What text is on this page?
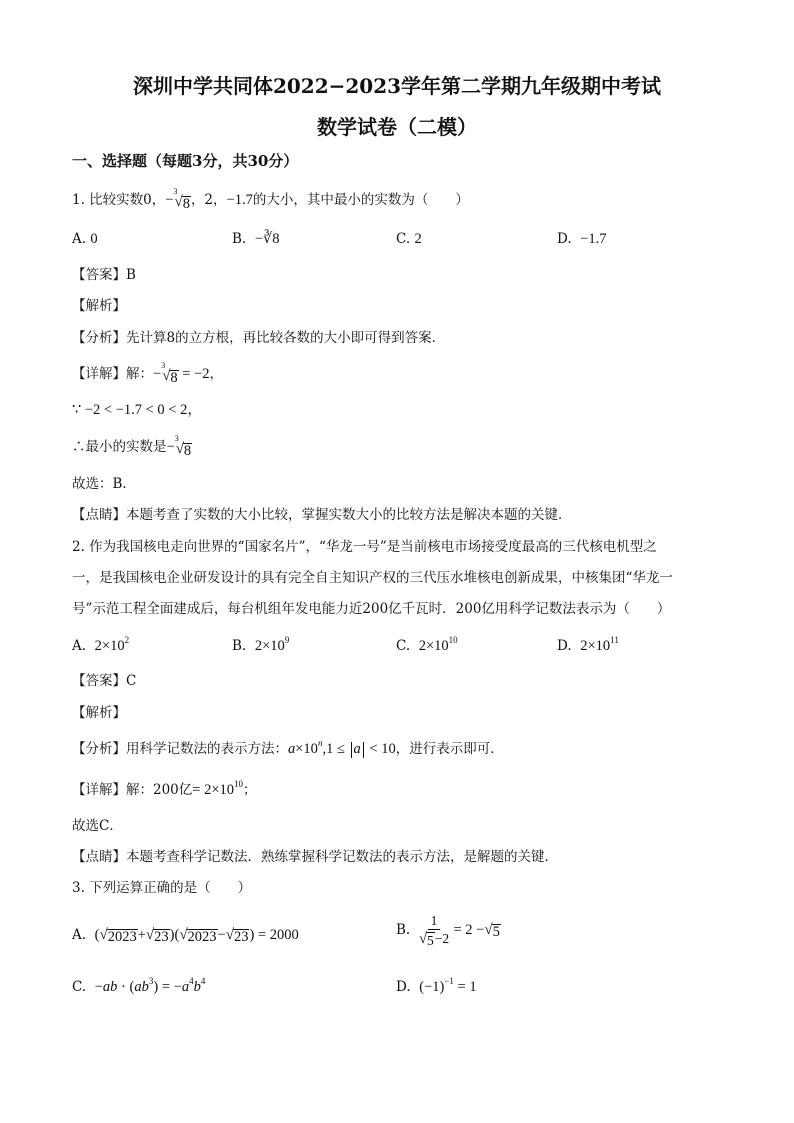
深圳中学共同体2022−2023学年第二学期九年级期中考试
数学试卷（二模）
一、选择题（每题3分，共30分）
1. 比较实数0，−
3
√ 8 ，2，−1.7的大小，其中最小的实数为（　　）
A. 0	B. −∛8	C. 2	D. −1.7
【答案】B
【解析】
【分析】先计算8的立方根，再比较各数的大小即可得到答案．
【详解】解：−
3
√ 8 = −2，
∵ −2 < −1.7 < 0 < 2，
∴最小的实数是−
3
√ 8
故选：B．
【点睛】本题考查了实数的大小比较，掌握实数大小的比较方法是解决本题的关键．
2. 作为我国核电走向世界的“国家名片”，“华龙一号”是当前核电市场接受度最高的三代核电机型之
一，是我国核电企业研发设计的具有完全自主知识产权的三代压水堆核电创新成果，中核集团“华龙一
号”示范工程全面建成后，每台机组年发电能力近200亿千瓦时．200亿用科学记数法表示为（　　）
A. $2\times 10^2$	B. $2\times 10^9$	C. $2\times 10^{10}$	D. $2\times 10^{11}$
【答案】C
【解析】
【分析】用科学记数法的表示方法：$a\times 10^n,1 \le a < 10$，进行表示即可．
【详解】解：200亿= $2\times 10^{10}$；
故选C．
【点睛】本题考查科学记数法．熟练掌握科学记数法的表示方法，是解题的关键．
3. 下列运算正确的是（　　）
A. ( √ 2023 + √ 23 )( √ 2023 − √ 23 ) = 2000	B. $\frac{1}{√ 5 -2} = 2$ − √ 5
C. $-ab \cdot (ab^3) = -a^4b^4$	D. $(-1)^{-1} = 1$
